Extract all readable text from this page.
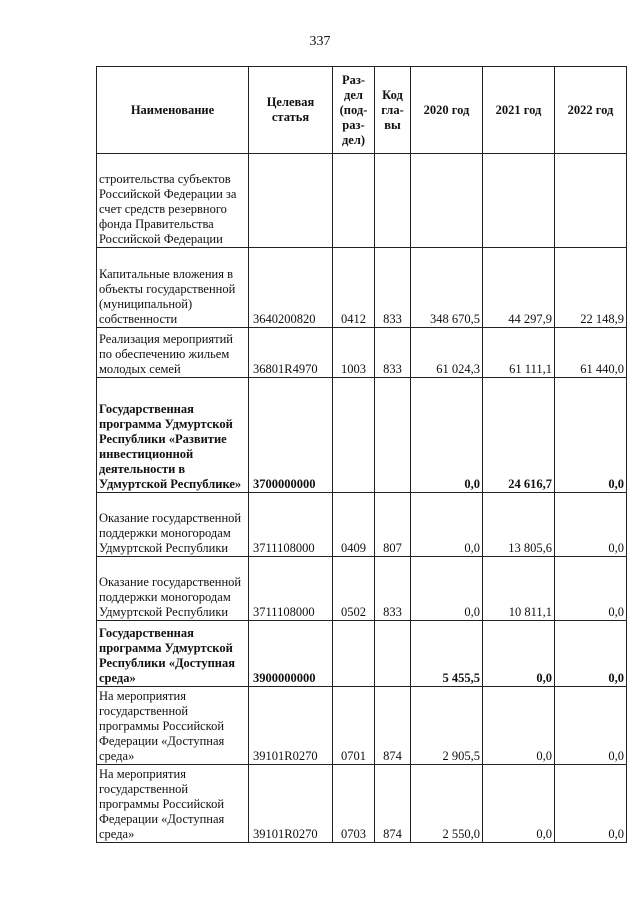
337
Наименование	Целевая статья	Раз-дел (под-раз-дел)	Код гла-вы	2020 год	2021 год	2022 год
строительства субъектов Российской Федерации за счет средств резервного фонда Правительства Российской Федерации						
Капитальные вложения в объекты государственной (муниципальной) собственности	3640200820	0412	833	348 670,5	44 297,9	22 148,9
Реализация мероприятий по обеспечению жильем молодых семей	36801R4970	1003	833	61 024,3	61 111,1	61 440,0
Государственная программа Удмуртской Республики «Развитие инвестиционной деятельности в Удмуртской Республике»	3700000000			0,0	24 616,7	0,0
Оказание государственной поддержки моногородам Удмуртской Республики	3711108000	0409	807	0,0	13 805,6	0,0
Оказание государственной поддержки моногородам Удмуртской Республики	3711108000	0502	833	0,0	10 811,1	0,0
Государственная программа Удмуртской Республики «Доступная среда»	3900000000			5 455,5	0,0	0,0
На мероприятия государственной программы Российской Федерации «Доступная среда»	39101R0270	0701	874	2 905,5	0,0	0,0
На мероприятия государственной программы Российской Федерации «Доступная среда»	39101R0270	0703	874	2 550,0	0,0	0,0
